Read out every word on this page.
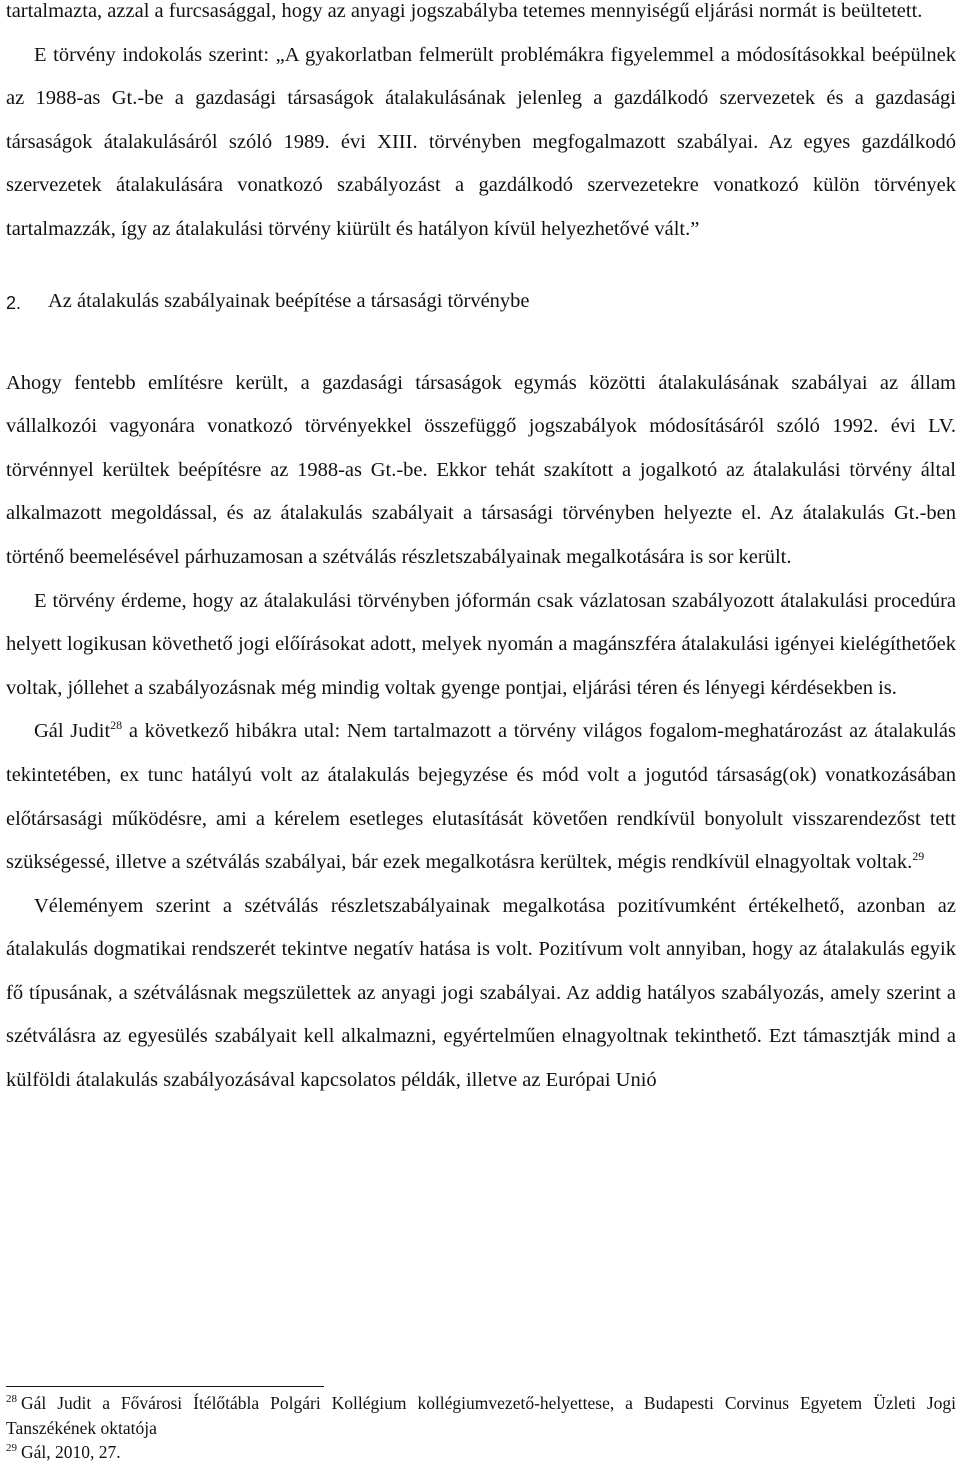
tartalmazta, azzal a furcsasággal, hogy az anyagi jogszabályba tetemes mennyiségű eljárási normát is beültetett.

E törvény indokolás szerint: „A gyakorlatban felmerült problémákra figyelemmel a módosításokkal beépülnek az 1988-as Gt.-be a gazdasági társaságok átalakulásának jelenleg a gazdálkodó szervezetek és a gazdasági társaságok átalakulásáról szóló 1989. évi XIII. törvényben megfogalmazott szabályai. Az egyes gazdálkodó szervezetek átalakulására vonatkozó szabályozást a gazdálkodó szervezetekre vonatkozó külön törvények tartalmazzák, így az átalakulási törvény kiürült és hatályon kívül helyezhetővé vált.”

2.	Az átalakulás szabályainak beépítése a társasági törvénybe

Ahogy fentebb említésre került, a gazdasági társaságok egymás közötti átalakulásának szabályai az állam vállalkozói vagyonára vonatkozó törvényekkel összefüggő jogszabályok módosításáról szóló 1992. évi LV. törvénnyel kerültek beépítésre az 1988-as Gt.-be. Ekkor tehát szakított a jogalkotó az átalakulási törvény által alkalmazott megoldással, és az átalakulás szabályait a társasági törvényben helyezte el. Az átalakulás Gt.-ben történő beemelésével párhuzamosan a szétválás részletszabályainak megalkotására is sor került.

E törvény érdeme, hogy az átalakulási törvényben jóformán csak vázlatosan szabályozott átalakulási procedúra helyett logikusan követhető jogi előírásokat adott, melyek nyomán a magánszféra átalakulási igényei kielégíthetőek voltak, jóllehet a szabályozásnak még mindig voltak gyenge pontjai, eljárási téren és lényegi kérdésekben is.

Gál Judit$^{28}$ a következő hibákra utal: Nem tartalmazott a törvény világos fogalom-meghatározást az átalakulás tekintetében, ex tunc hatályú volt az átalakulás bejegyzése és mód volt a jogutód társaság(ok) vonatkozásában előtársasági működésre, ami a kérelem esetleges elutasítását követően rendkívül bonyolult visszarendezőst tett szükségessé, illetve a szétválás szabályai, bár ezek megalkotásra kerültek, mégis rendkívül elnagyoltak voltak.$^{29}$

Véleményem szerint a szétválás részletszabályainak megalkotása pozitívumként értékelhető, azonban az átalakulás dogmatikai rendszerét tekintve negatív hatása is volt. Pozitívum volt annyiban, hogy az átalakulás egyik fő típusának, a szétválásnak megszülettek az anyagi jogi szabályai. Az addig hatályos szabályozás, amely szerint a szétválásra az egyesülés szabályait kell alkalmazni, egyértelműen elnagyoltnak tekinthető. Ezt támasztják mind a külföldi átalakulás szabályozásával kapcsolatos példák, illetve az Európai Unió

$^{28}$ Gál Judit a Fővárosi Ítélőtábla Polgári Kollégium kollégiumvezető-helyettese, a Budapesti Corvinus Egyetem Üzleti Jogi Tanszékének oktatója

$^{29}$ Gál, 2010, 27.
